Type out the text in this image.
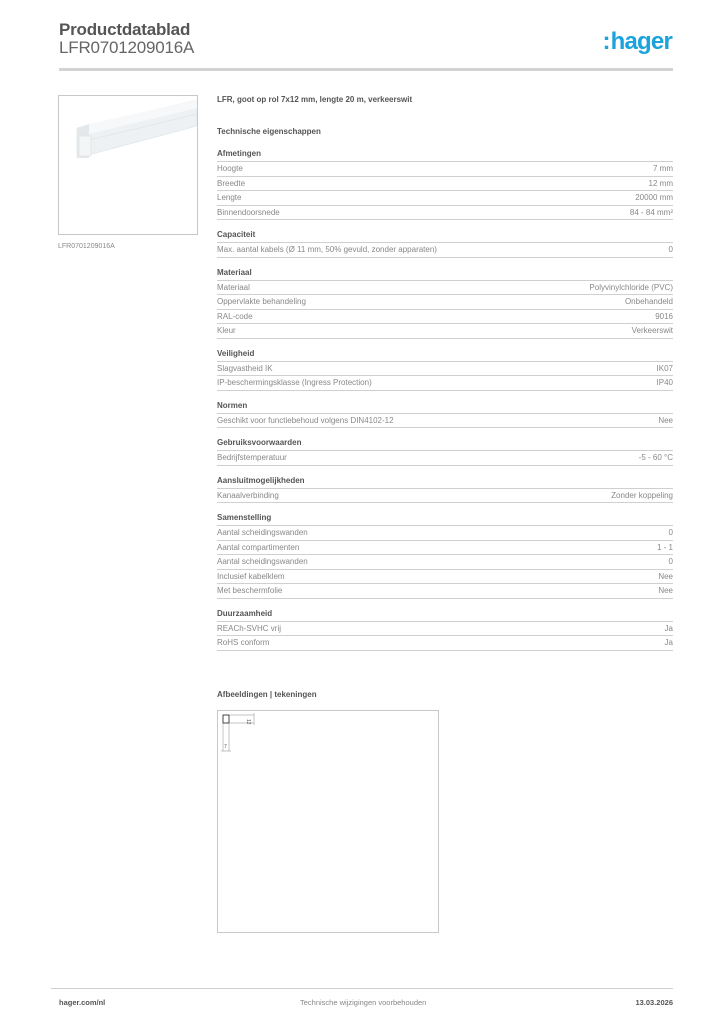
Productdatablad
LFR0701209016A	:hager
LFR0701209016A
LFR, goot op rol 7x12 mm, lengte 20 m, verkeerswit
Technische eigenschappen
Afmetingen
Hoogte	7 mm
Breedte	12 mm
Lengte	20000 mm
Binnendoorsnede	84 - 84 mm²
Capaciteit
Max. aantal kabels (Ø 11 mm, 50% gevuld, zonder apparaten)	0
Materiaal
Materiaal	Polyvinylchloride (PVC)
Oppervlakte behandeling	Onbehandeld
RAL-code	9016
Kleur	Verkeerswit
Veiligheid
Slagvastheid IK	IK07
IP-beschermingsklasse (Ingress Protection)	IP40
Normen
Geschikt voor functiebehoud volgens DIN4102-12	Nee
Gebruiksvoorwaarden
Bedrijfstemperatuur	-5 - 60 °C
Aansluitmogelijkheden
Kanaalverbinding	Zonder koppeling
Samenstelling
Aantal scheidingswanden	0
Aantal compartimenten	1 - 1
Aantal scheidingswanden	0
Inclusief kabelklem	Nee
Met beschermfolie	Nee
Duurzaamheid
REACh-SVHC vrij	Ja
RoHS conform	Ja
Afbeeldingen | tekeningen
12
7
hager.com/nl	Technische wijzigingen voorbehouden	13.03.2026
